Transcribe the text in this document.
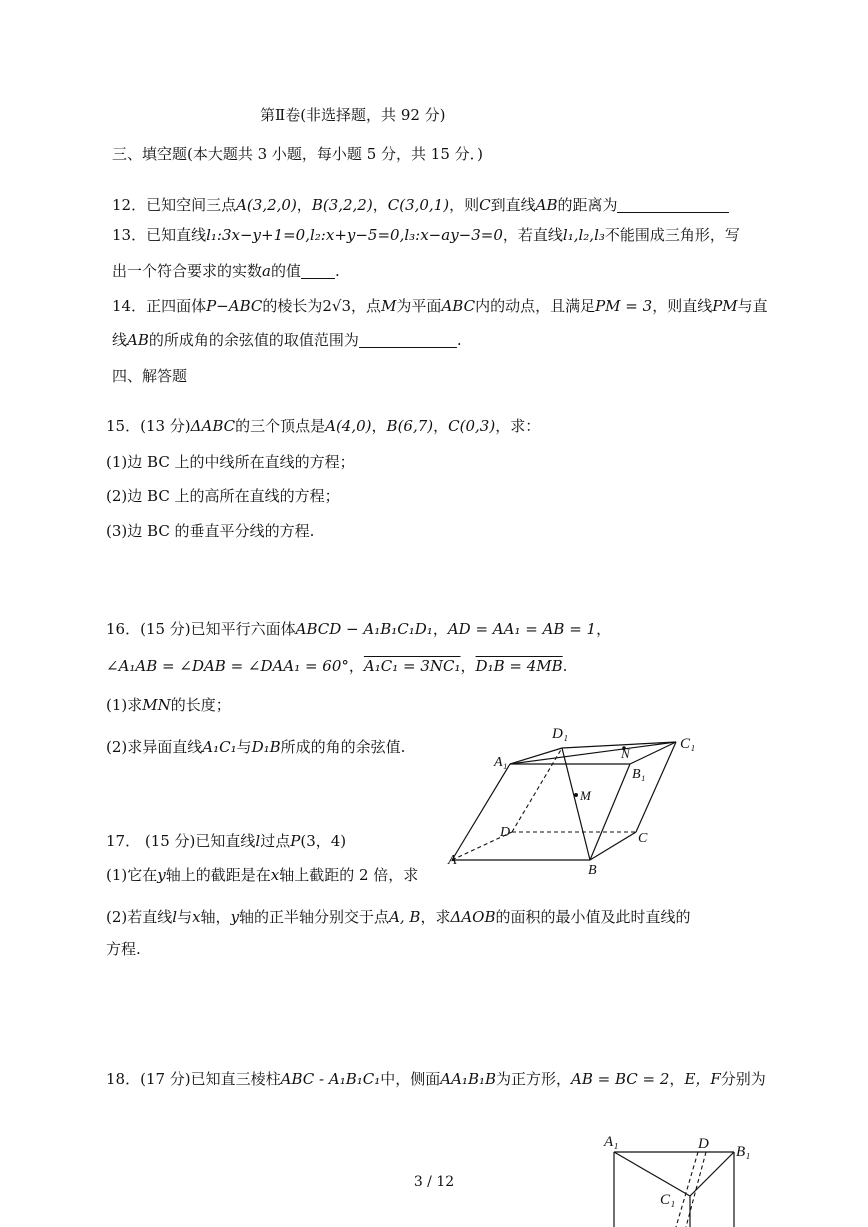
第Ⅱ卷(非选择题，共 92 分)
三、填空题(本大题共 3 小题，每小题 5 分，共 15 分．)
12．已知空间三点A(3,2,0)，B(3,2,2)，C(3,0,1)，则C到直线AB的距离为
13．已知直线l₁:3x−y+1=0,l₂:x+y−5=0,l₃:x−ay−3=0，若直线l₁,l₂,l₃不能围成三角形，写
出一个符合要求的实数a的值 .
14．正四面体P−ABC的棱长为2√3，点M为平面ABC内的动点，且满足PM = 3，则直线PM与直
线AB的所成角的余弦值的取值范围为	.
四、解答题
15．(13 分)ΔABC的三个顶点是A(4,0)，B(6,7)，C(0,3)，求：
(1)边 BC 上的中线所在直线的方程；
(2)边 BC 上的高所在直线的方程；
(3)边 BC 的垂直平分线的方程.
16．(15 分)已知平行六面体ABCD − A₁B₁C₁D₁，AD = AA₁ = AB = 1，
∠A₁AB = ∠DAB = ∠DAA₁ = 60°，A₁C₁ = 3NC₁，D₁B = 4MB.
(1)求MN的长度；
(2)求异面直线A₁C₁与D₁B所成的角的余弦值.
D₁
C₁
A₁
B₁
N
M
D	C
A
B
17． (15 分)已知直线l过点P(3，4)
(1)它在y轴上的截距是在x轴上截距的 2 倍，求
(2)若直线l与x轴，y轴的正半轴分别交于点A, B，求ΔAOB的面积的最小值及此时直线的
方程.
18．(17 分)已知直三棱柱ABC - A₁B₁C₁中，侧面AA₁B₁B为正方形，AB = BC = 2，E，F分别为
A₁	D B₁
C₁
3 / 12
